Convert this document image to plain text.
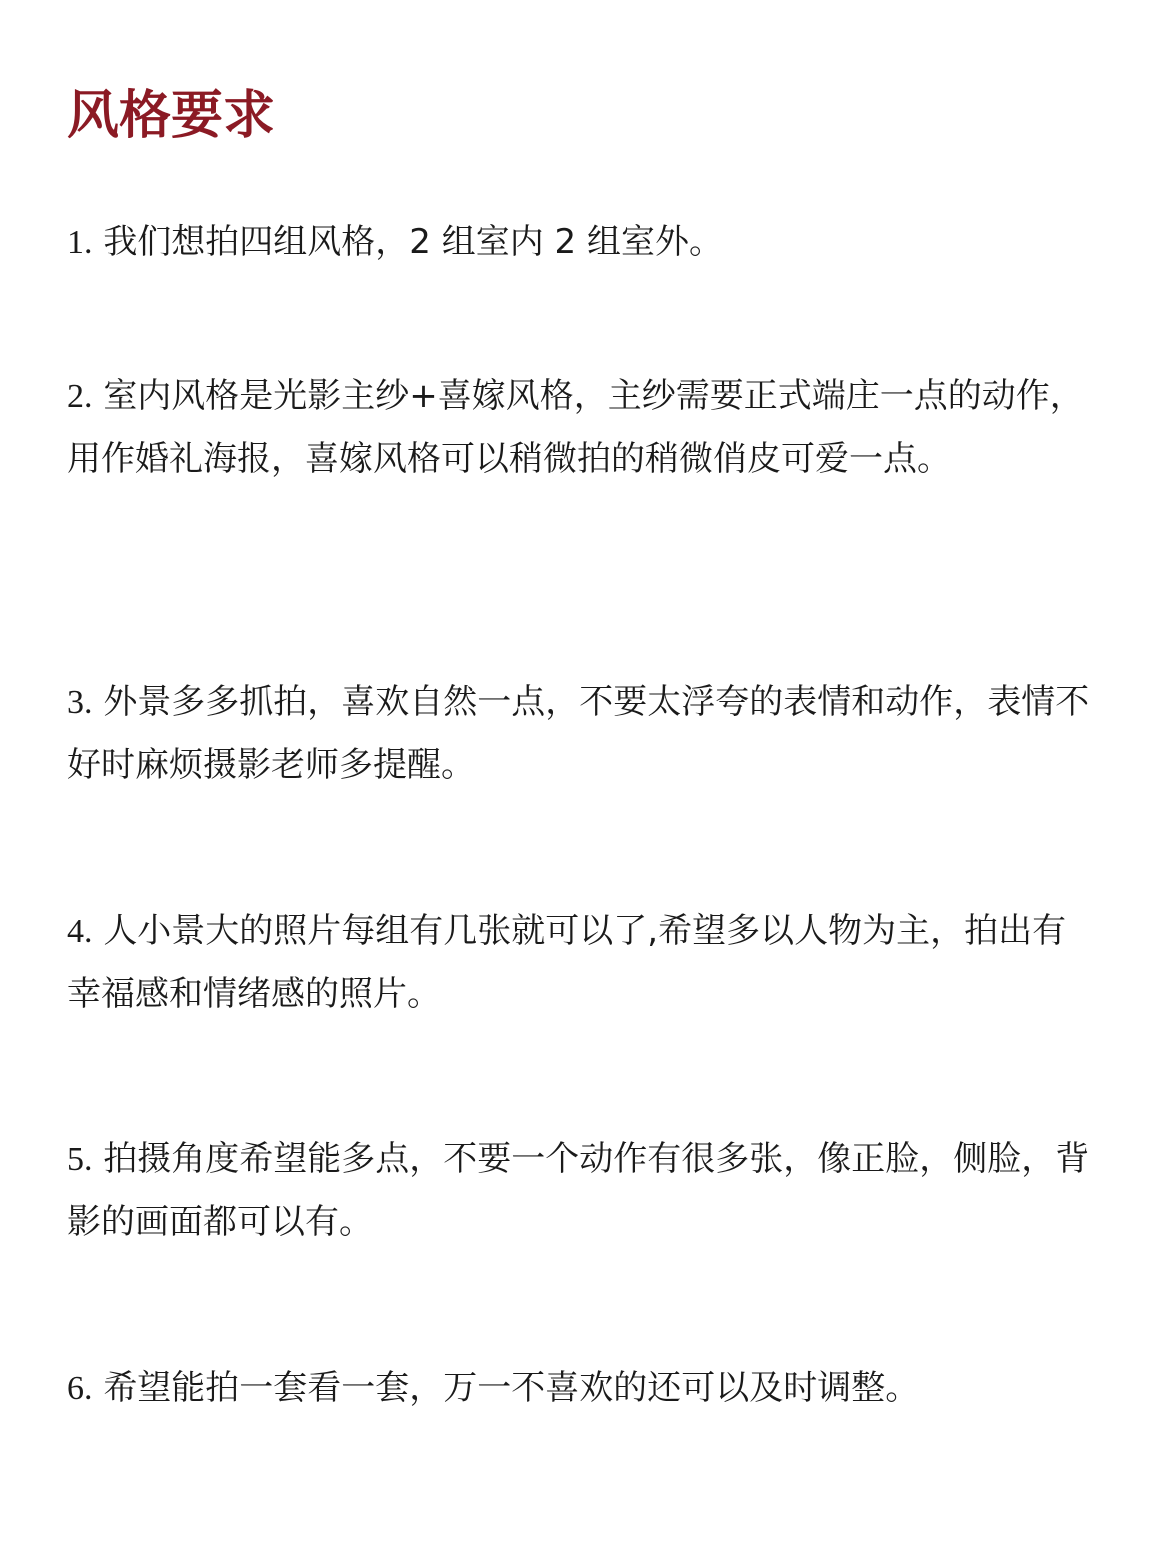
风格要求

1. 我们想拍四组风格，2 组室内 2 组室外。

2. 室内风格是光影主纱+喜嫁风格，主纱需要正式端庄一点的动作，用作婚礼海报，喜嫁风格可以稍微拍的稍微俏皮可爱一点。

3. 外景多多抓拍，喜欢自然一点，不要太浮夸的表情和动作，表情不好时麻烦摄影老师多提醒。

4. 人小景大的照片每组有几张就可以了,希望多以人物为主，拍出有幸福感和情绪感的照片。

5. 拍摄角度希望能多点，不要一个动作有很多张，像正脸，侧脸，背影的画面都可以有。

6. 希望能拍一套看一套，万一不喜欢的还可以及时调整。
